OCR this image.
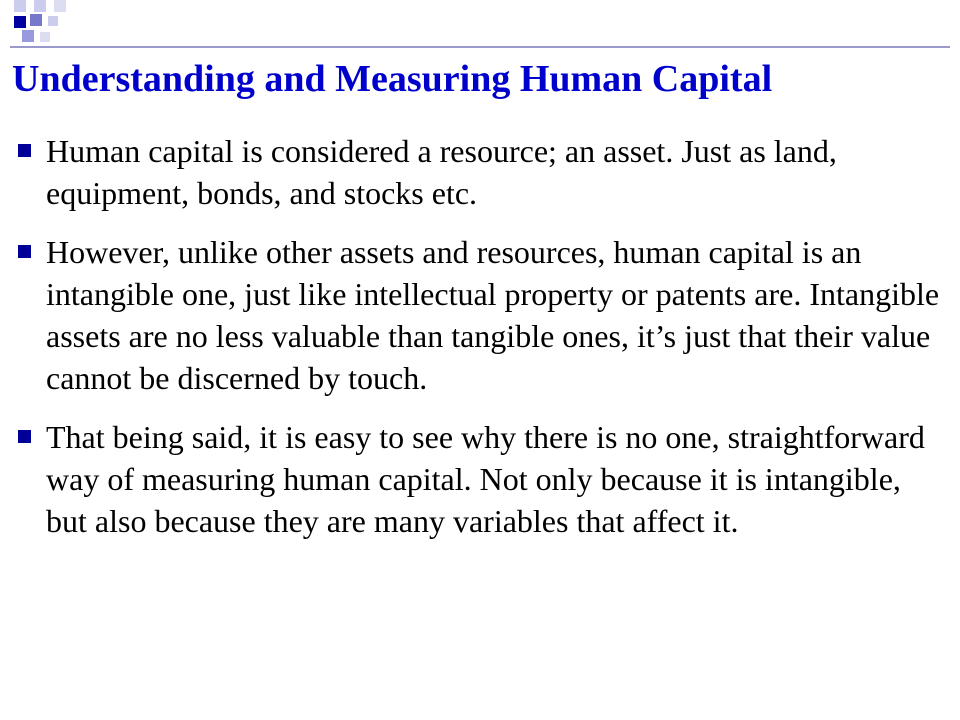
Understanding and Measuring Human Capital
Human capital is considered a resource; an asset. Just as land, equipment, bonds, and stocks etc.
However, unlike other assets and resources, human capital is an intangible one, just like intellectual property or patents are. Intangible assets are no less valuable than tangible ones, it’s just that their value cannot be discerned by touch.
That being said, it is easy to see why there is no one, straightforward way of measuring human capital. Not only because it is intangible, but also because they are many variables that affect it.
